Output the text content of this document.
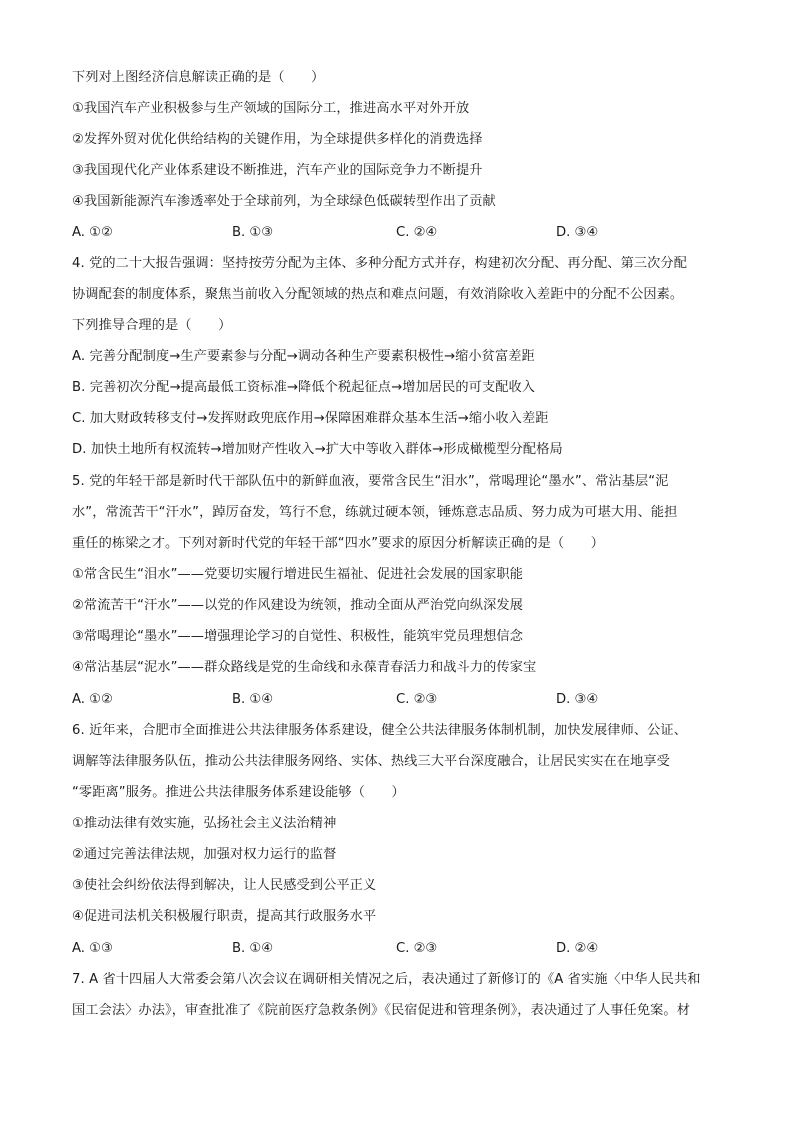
下列对上图经济信息解读正确的是（　　）
①我国汽车产业积极参与生产领域的国际分工，推进高水平对外开放
②发挥外贸对优化供给结构的关键作用，为全球提供多样化的消费选择
③我国现代化产业体系建设不断推进，汽车产业的国际竞争力不断提升
④我国新能源汽车渗透率处于全球前列，为全球绿色低碳转型作出了贡献
A. ①②	B. ①③	C. ②④	D. ③④
4. 党的二十大报告强调：坚持按劳分配为主体、多种分配方式并存，构建初次分配、再分配、第三次分配
协调配套的制度体系，聚焦当前收入分配领域的热点和难点问题，有效消除收入差距中的分配不公因素。
下列推导合理的是（　　）
A. 完善分配制度→生产要素参与分配→调动各种生产要素积极性→缩小贫富差距
B. 完善初次分配→提高最低工资标准→降低个税起征点→增加居民的可支配收入
C. 加大财政转移支付→发挥财政兜底作用→保障困难群众基本生活→缩小收入差距
D. 加快土地所有权流转→增加财产性收入→扩大中等收入群体→形成橄榄型分配格局
5. 党的年轻干部是新时代干部队伍中的新鲜血液，要常含民生“泪水”，常喝理论“墨水”、常沾基层“泥
水”，常流苦干“汗水”，踔厉奋发，笃行不怠，练就过硬本领，锤炼意志品质、努力成为可堪大用、能担
重任的栋梁之才。下列对新时代党的年轻干部“四水”要求的原因分析解读正确的是（　　）
①常含民生“泪水”——党要切实履行增进民生福祉、促进社会发展的国家职能
②常流苦干“汗水”——以党的作风建设为统领，推动全面从严治党向纵深发展
③常喝理论“墨水”——增强理论学习的自觉性、积极性，能筑牢党员理想信念
④常沾基层“泥水”——群众路线是党的生命线和永葆青春活力和战斗力的传家宝
A. ①②	B. ①④	C. ②③	D. ③④
6. 近年来，合肥市全面推进公共法律服务体系建设，健全公共法律服务体制机制，加快发展律师、公证、
调解等法律服务队伍，推动公共法律服务网络、实体、热线三大平台深度融合，让居民实实在在地享受
“零距离”服务。推进公共法律服务体系建设能够（　　）
①推动法律有效实施，弘扬社会主义法治精神
②通过完善法律法规，加强对权力运行的监督
③使社会纠纷依法得到解决，让人民感受到公平正义
④促进司法机关积极履行职责，提高其行政服务水平
A. ①③	B. ①④	C. ②③	D. ②④
7. A 省十四届人大常委会第八次会议在调研相关情况之后，表决通过了新修订的《A 省实施〈中华人民共和
国工会法〉办法》，审查批准了《院前医疗急救条例》《民宿促进和管理条例》，表决通过了人事任免案。材
